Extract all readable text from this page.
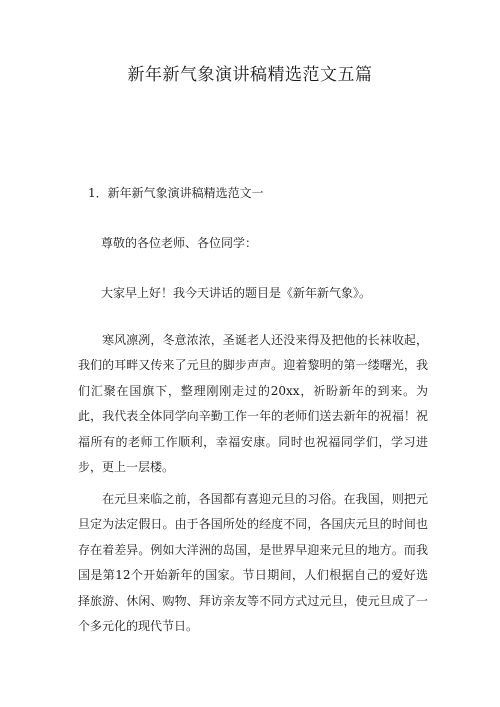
新年新气象演讲稿精选范文五篇

1．新年新气象演讲稿精选范文一

尊敬的各位老师、各位同学：

大家早上好！我今天讲话的题目是《新年新气象》。

寒风凛冽，冬意浓浓，圣诞老人还没来得及把他的长袜收起，我们的耳畔又传来了元旦的脚步声声。迎着黎明的第一缕曙光，我们汇聚在国旗下，整理刚刚走过的20xx，祈盼新年的到来。为此，我代表全体同学向辛勤工作一年的老师们送去新年的祝福！祝福所有的老师工作顺利，幸福安康。同时也祝福同学们，学习进步，更上一层楼。

在元旦来临之前，各国都有喜迎元旦的习俗。在我国，则把元旦定为法定假日。由于各国所处的经度不同，各国庆元旦的时间也存在着差异。例如大洋洲的岛国，是世界早迎来元旦的地方。而我国是第12个开始新年的国家。节日期间，人们根据自己的爱好选择旅游、休闲、购物、拜访亲友等不同方式过元旦，使元旦成了一个多元化的现代节日。
